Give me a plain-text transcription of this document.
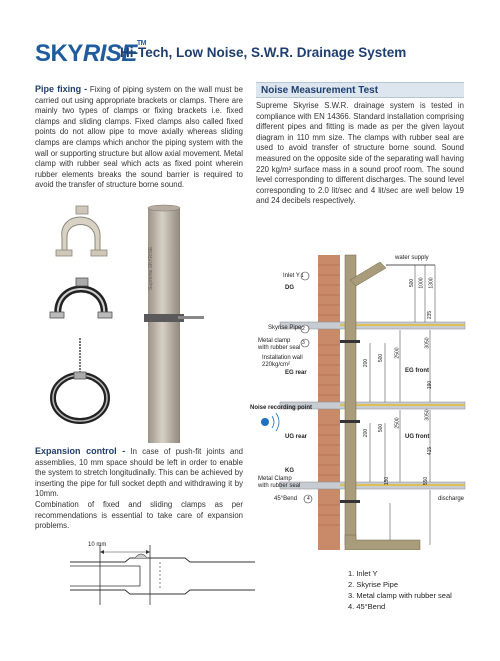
SKYRISE™
Hi-Tech, Low Noise, S.W.R. Drainage System

Pipe fixing - Fixing of piping system on the wall must be carried out using appropriate brackets or clamps. There are mainly two types of clamps or fixing brackets i.e. fixed clamps and sliding clamps. Fixed clamps also called fixed points do not allow pipe to move axially whereas sliding clamps are clamps which anchor the piping system with the wall or supporting structure but allow axial movement. Metal clamp with rubber seal which acts as fixed point wherein rubber elements breaks the sound barrier is required to avoid the transfer of structure borne sound.

Noise Measurement Test

Supreme Skyrise S.W.R. drainage system is tested in compliance with EN 14366. Standard installation comprising different pipes and fitting is made as per the given layout diagram in 110 mm size. The clamps with rubber seal are used to avoid transfer of structure borne sound. Sound measured on the opposite side of the separating wall having 220 kg/m² surface mass in a sound proof room. The sound level corresponding to different discharges. The sound level corresponding to 2.0 lit/sec and 4 lit/sec are well below 19 and 24 decibels respectively.

Supreme SKYRISE

Expansion control - In case of push-fit joints and assemblies, 10 mm space should be left in order to enable the system to stretch longitudinally. This can be achieved by inserting the pipe for full socket depth and withdrawing it by 10mm.

Combination of fixed and sliding clamps as per recommendations is essential to take care of expansion problems.

10 mm
water supply
Inlet Y 1
DG
Skyrise Pipe 2
Metal clamp
with rubber seal
3
Installation wall
220kg/cm²
EG rear	EG front
Noise recording point
UG rear	UG front
KG
Metal Clamp
with rubber seal
45°Bend 4	discharge
500 1000 1300
235
200
500 2500
3050
190
200
500 2500
3050
415
150	550
1. Inlet Y
2. Skyrise Pipe
3. Metal clamp with rubber seal
4. 45°Bend
